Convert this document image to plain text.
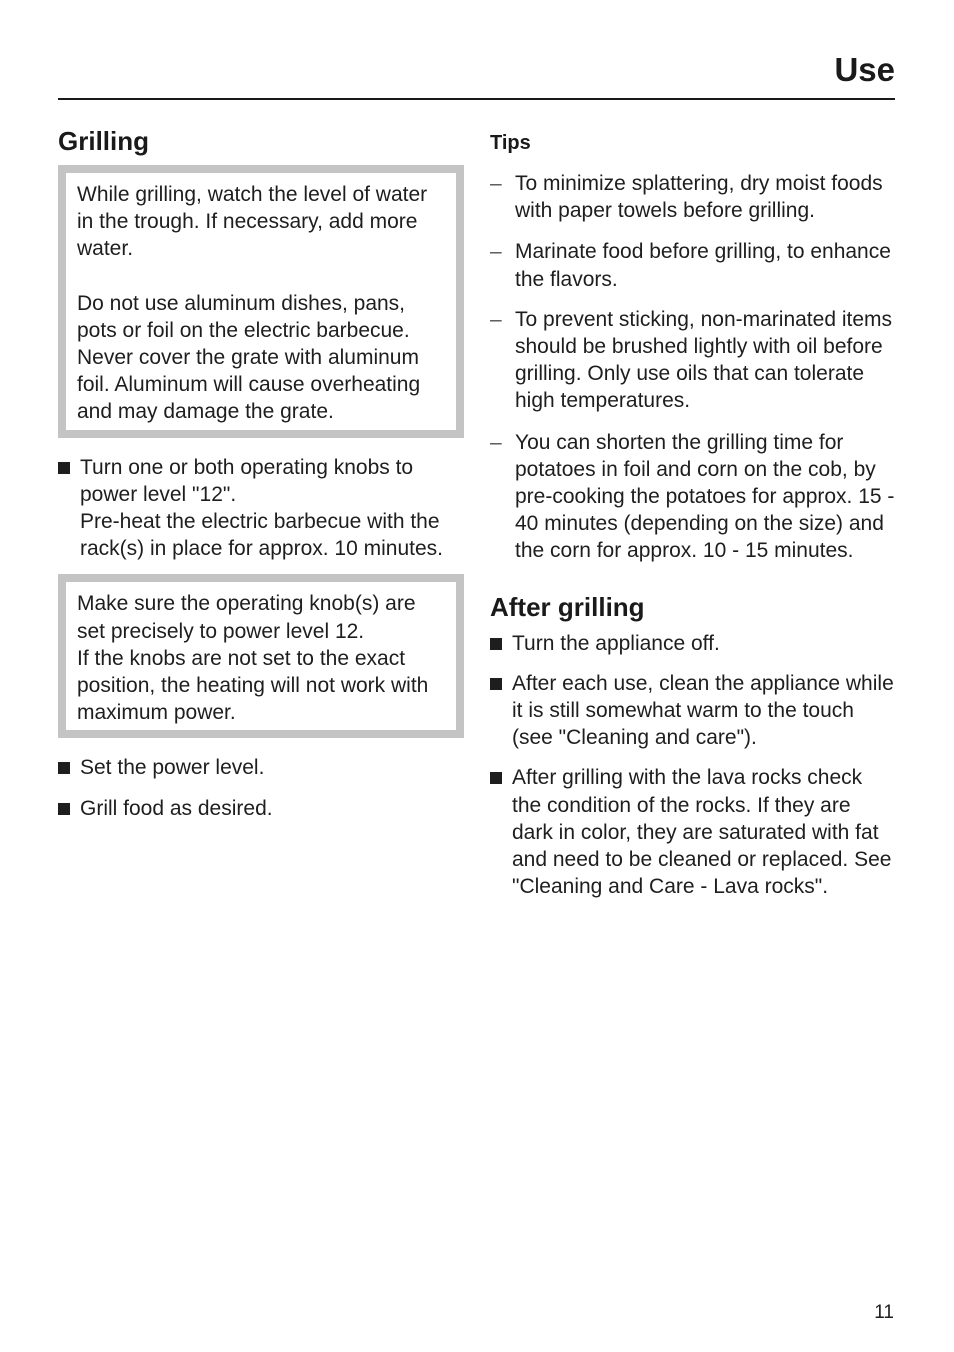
Use
Grilling

While grilling, watch the level of water in the trough. If necessary, add more water.

Do not use aluminum dishes, pans, pots or foil on the electric barbecue. Never cover the grate with aluminum foil. Aluminum will cause overheating and may damage the grate.

Turn one or both operating knobs to power level "12".

Pre-heat the electric barbecue with the rack(s) in place for approx. 10 minutes.

Make sure the operating knob(s) are set precisely to power level 12.

If the knobs are not set to the exact position, the heating will not work with maximum power.

Set the power level.

Grill food as desired.

Tips
– To minimize splattering, dry moist foods with paper towels before grilling.

– Marinate food before grilling, to enhance the flavors.

– To prevent sticking, non-marinated items should be brushed lightly with oil before grilling. Only use oils that can tolerate high temperatures.

– You can shorten the grilling time for potatoes in foil and corn on the cob, by pre-cooking the potatoes for approx. 15 - 40 minutes (depending on the size) and the corn for approx. 10 - 15 minutes.

After grilling

Turn the appliance off.

After each use, clean the appliance while it is still somewhat warm to the touch (see "Cleaning and care").

After grilling with the lava rocks check the condition of the rocks. If they are dark in color, they are saturated with fat and need to be cleaned or replaced. See "Cleaning and Care - Lava rocks".

11
